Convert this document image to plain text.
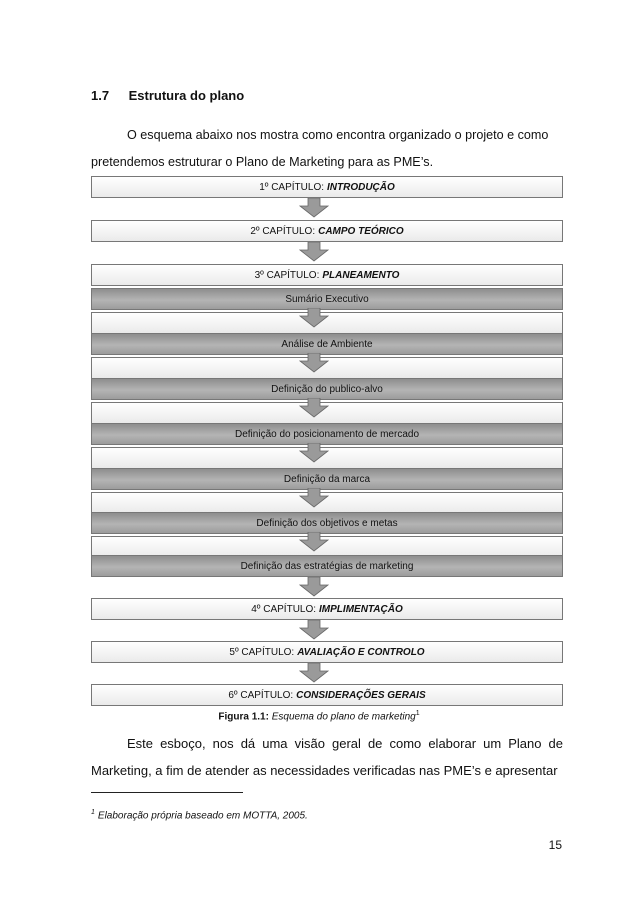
1.7 Estrutura do plano
O esquema abaixo nos mostra como encontra organizado o projeto e como pretendemos estruturar o Plano de Marketing para as PME’s.
1º CAPÍTULO: INTRODUÇÃO
2º CAPÍTULO: CAMPO TEÓRICO
3º CAPÍTULO: PLANEAMENTO
Sumário Executivo
Análise de Ambiente
Definição do publico-alvo
Definição do posicionamento de mercado
Definição da marca
Definição dos objetivos e metas
Definição das estratégias de marketing
4º CAPÍTULO: IMPLIMENTAÇÃO
5º CAPÍTULO: AVALIAÇÃO E CONTROLO
6º CAPÍTULO: CONSIDERAÇÕES GERAIS
Figura 1.1: Esquema do plano de marketing$^1$
Este esboço, nos dá uma visão geral de como elaborar um Plano de Marketing, a fim de atender as necessidades verificadas nas PME’s e apresentar
$^1$ Elaboração própria baseado em MOTTA, 2005.
15
